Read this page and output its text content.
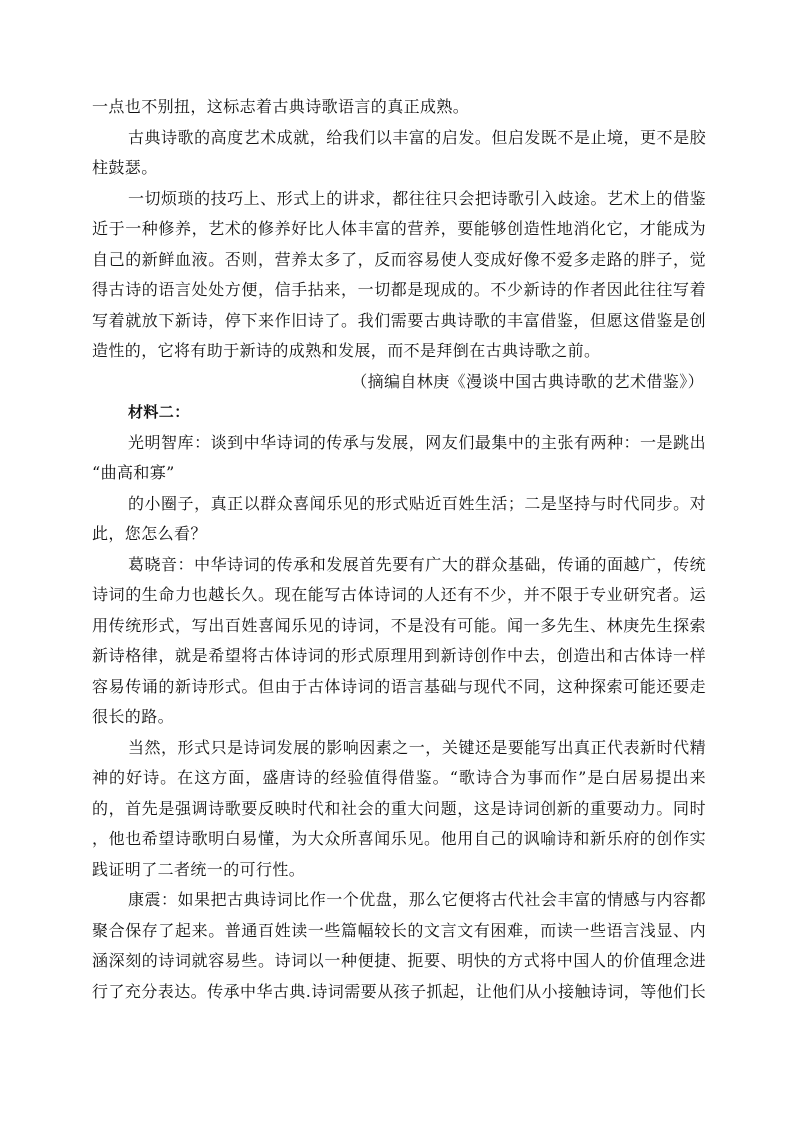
一点也不别扭，这标志着古典诗歌语言的真正成熟。
古典诗歌的高度艺术成就，给我们以丰富的启发。但启发既不是止境，更不是胶
柱鼓瑟。
一切烦琐的技巧上、形式上的讲求，都往往只会把诗歌引入歧途。艺术上的借鉴
近于一种修养，艺术的修养好比人体丰富的营养，要能够创造性地消化它，才能成为
自己的新鲜血液。否则，营养太多了，反而容易使人变成好像不爱多走路的胖子，觉
得古诗的语言处处方便，信手拈来，一切都是现成的。不少新诗的作者因此往往写着
写着就放下新诗，停下来作旧诗了。我们需要古典诗歌的丰富借鉴，但愿这借鉴是创
造性的，它将有助于新诗的成熟和发展，而不是拜倒在古典诗歌之前。
（摘编自林庚《漫谈中国古典诗歌的艺术借鉴》）
材料二：
光明智库：谈到中华诗词的传承与发展，网友们最集中的主张有两种：一是跳出
“曲高和寡”
的小圈子，真正以群众喜闻乐见的形式贴近百姓生活；二是坚持与时代同步。对
此，您怎么看？
葛晓音：中华诗词的传承和发展首先要有广大的群众基础，传诵的面越广，传统
诗词的生命力也越长久。现在能写古体诗词的人还有不少，并不限于专业研究者。运
用传统形式，写出百姓喜闻乐见的诗词，不是没有可能。闻一多先生、林庚先生探索
新诗格律，就是希望将古体诗词的形式原理用到新诗创作中去，创造出和古体诗一样
容易传诵的新诗形式。但由于古体诗词的语言基础与现代不同，这种探索可能还要走
很长的路。
当然，形式只是诗词发展的影响因素之一，关键还是要能写出真正代表新时代精
神的好诗。在这方面，盛唐诗的经验值得借鉴。“歌诗合为事而作”是白居易提出来
的，首先是强调诗歌要反映时代和社会的重大问题，这是诗词创新的重要动力。同时
，他也希望诗歌明白易懂，为大众所喜闻乐见。他用自己的讽喻诗和新乐府的创作实
践证明了二者统一的可行性。
康震：如果把古典诗词比作一个优盘，那么它便将古代社会丰富的情感与内容都
聚合保存了起来。普通百姓读一些篇幅较长的文言文有困难，而读一些语言浅显、内
涵深刻的诗词就容易些。诗词以一种便捷、扼要、明快的方式将中国人的价值理念进
行了充分表达。传承中华古典.诗词需要从孩子抓起，让他们从小接触诗词，等他们长
